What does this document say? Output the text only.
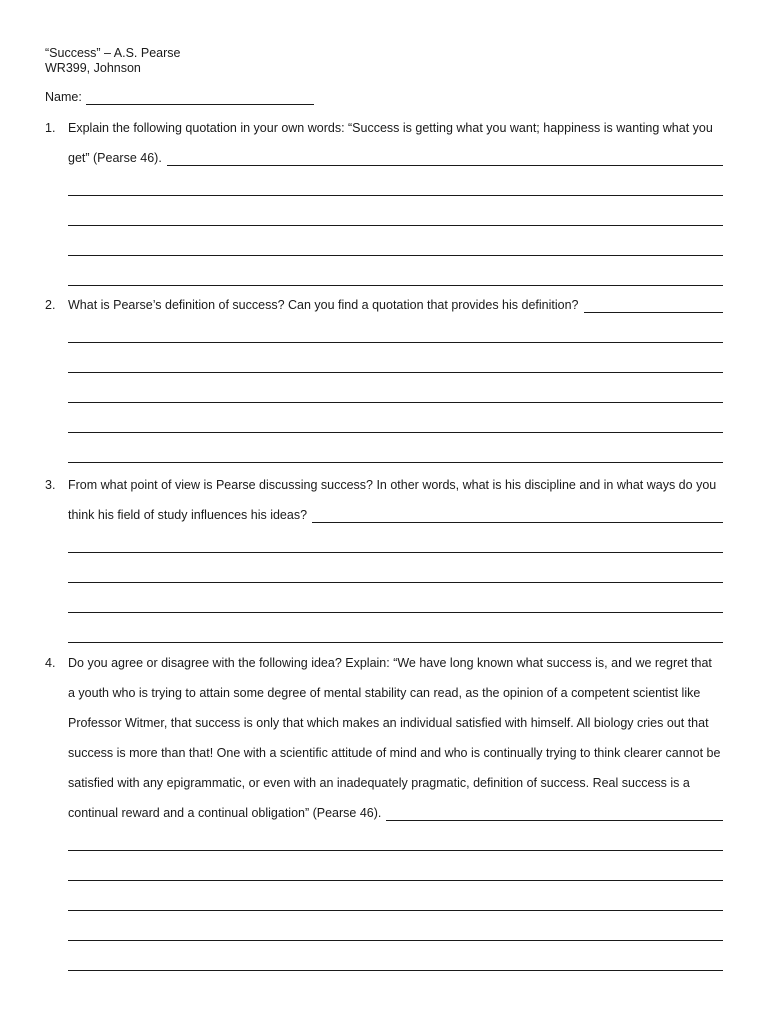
“Success” – A.S. Pearse
WR399, Johnson
Name:
1. Explain the following quotation in your own words: “Success is getting what you want; happiness is wanting what you
get” (Pearse 46).
2. What is Pearse’s definition of success? Can you find a quotation that provides his definition?
3. From what point of view is Pearse discussing success? In other words, what is his discipline and in what ways do you
think his field of study influences his ideas?
4. Do you agree or disagree with the following idea? Explain: “We have long known what success is, and we regret that
a youth who is trying to attain some degree of mental stability can read, as the opinion of a competent scientist like
Professor Witmer, that success is only that which makes an individual satisfied with himself. All biology cries out that
success is more than that! One with a scientific attitude of mind and who is continually trying to think clearer cannot be
satisfied with any epigrammatic, or even with an inadequately pragmatic, definition of success. Real success is a
continual reward and a continual obligation” (Pearse 46).
